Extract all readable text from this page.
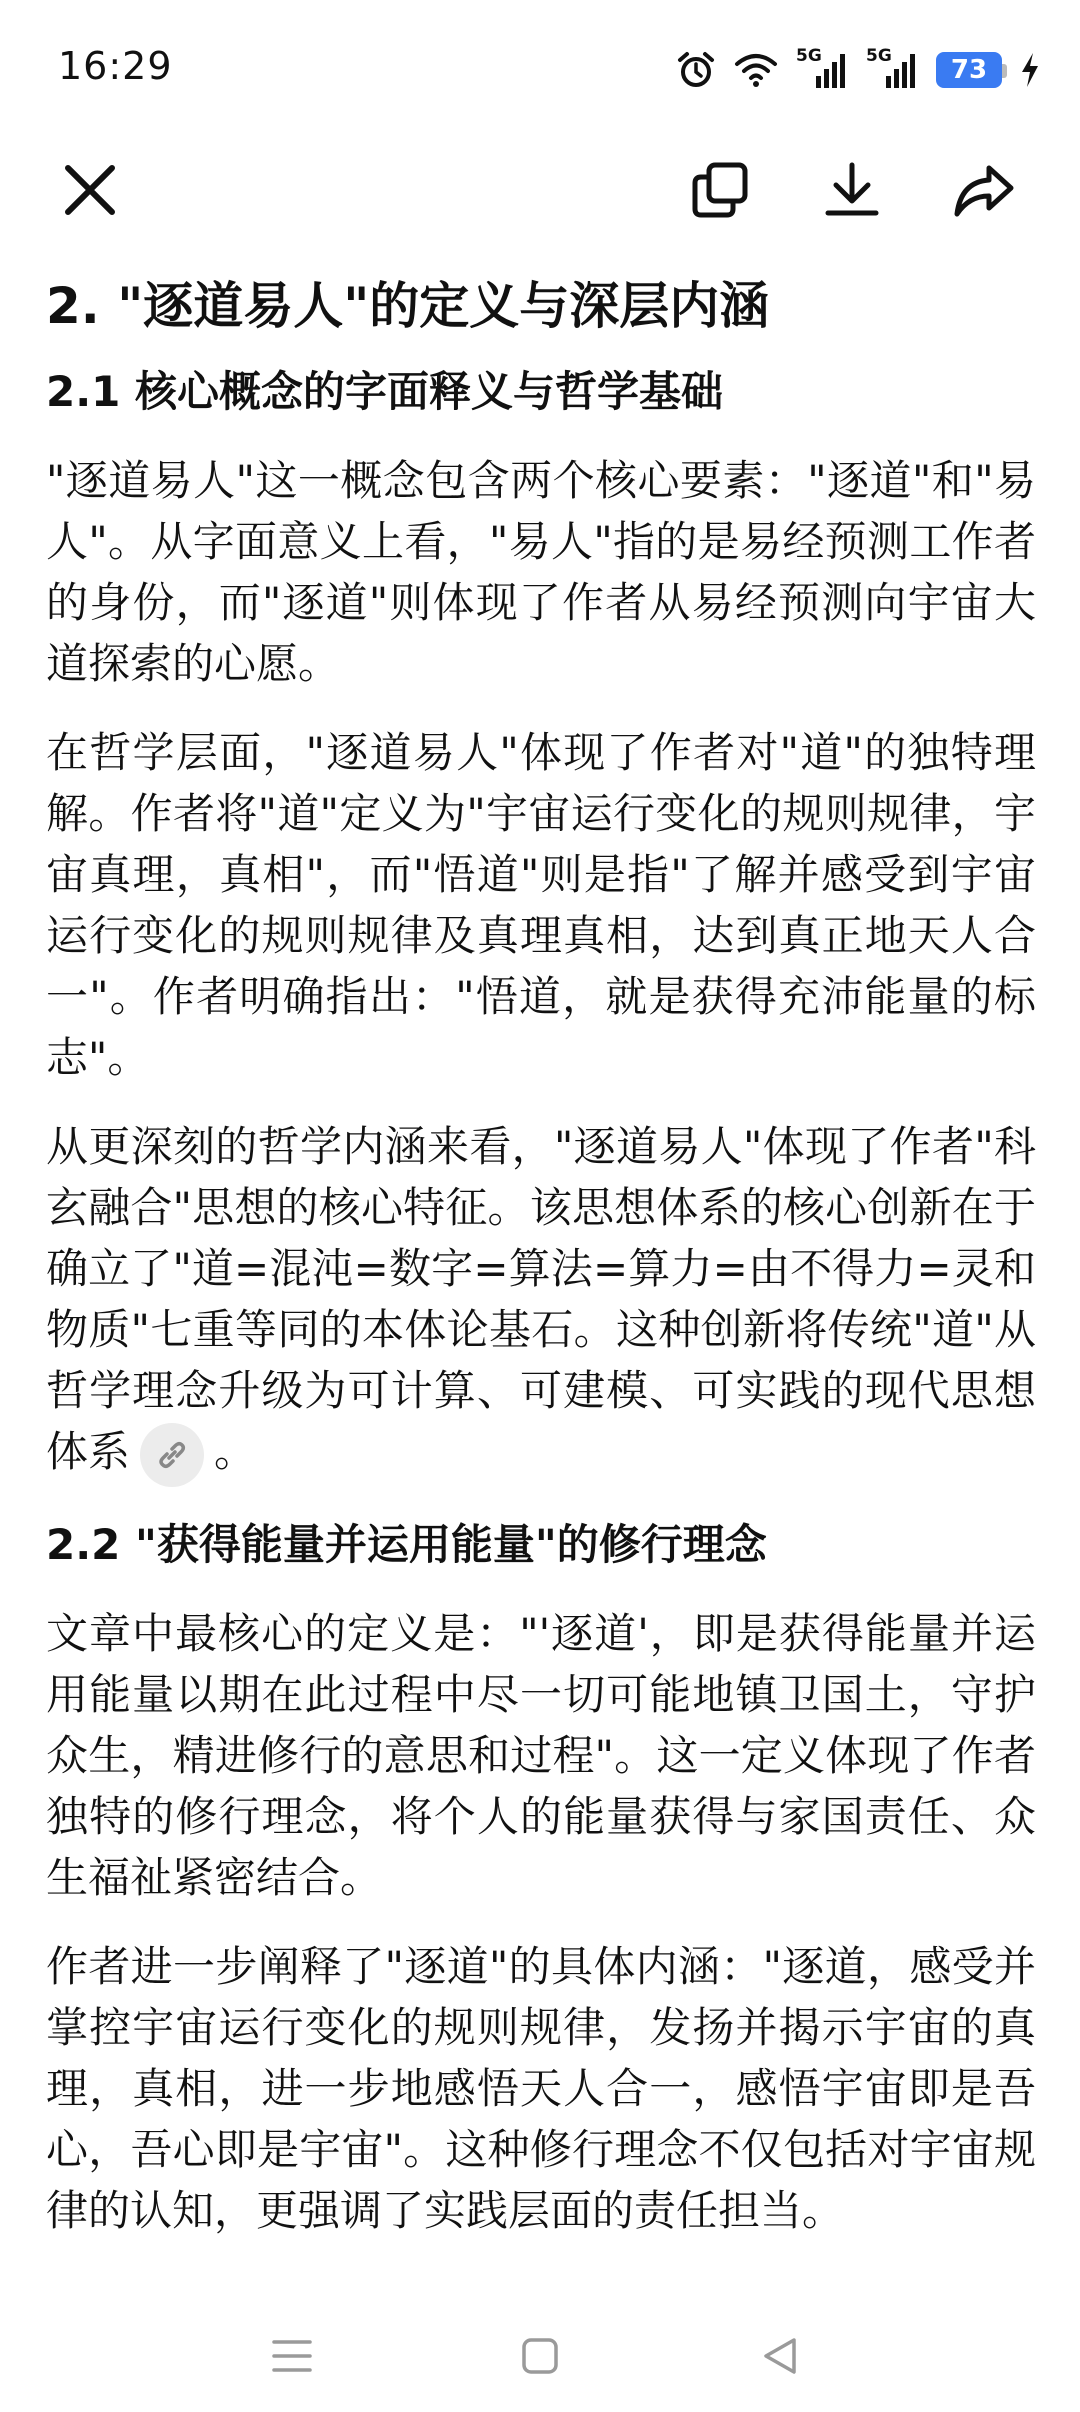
16:29	5G	5G 73
2. "逐道易人"的定义与深层内涵
2.1 核心概念的字面释义与哲学基础

"逐道易人"这一概念包含两个核心要素："逐道"和"易人"。从字面意义上看，"易人"指的是易经预测工作者的身份，而"逐道"则体现了作者从易经预测向宇宙大道探索的心愿。

在哲学层面，"逐道易人"体现了作者对"道"的独特理解。作者将"道"定义为"宇宙运行变化的规则规律，宇宙真理，真相"，而"悟道"则是指"了解并感受到宇宙运行变化的规则规律及真理真相，达到真正地天人合一"。作者明确指出："悟道，就是获得充沛能量的标志"。

从更深刻的哲学内涵来看，"逐道易人"体现了作者"科玄融合"思想的核心特征。该思想体系的核心创新在于确立了"道=混沌=数字=算法=算力=由不得力=灵和物质"七重等同的本体论基石。这种创新将传统"道"从哲学理念升级为可计算、可建模、可实践的现代思想体系 。

2.2 "获得能量并运用能量"的修行理念

文章中最核心的定义是："'逐道'，即是获得能量并运用能量以期在此过程中尽一切可能地镇卫国土，守护众生，精进修行的意思和过程"。这一定义体现了作者独特的修行理念，将个人的能量获得与家国责任、众生福祉紧密结合。

作者进一步阐释了"逐道"的具体内涵："逐道，感受并掌控宇宙运行变化的规则规律，发扬并揭示宇宙的真理，真相，进一步地感悟天人合一，感悟宇宙即是吾心，吾心即是宇宙"。这种修行理念不仅包括对宇宙规律的认知，更强调了实践层面的责任担当。
